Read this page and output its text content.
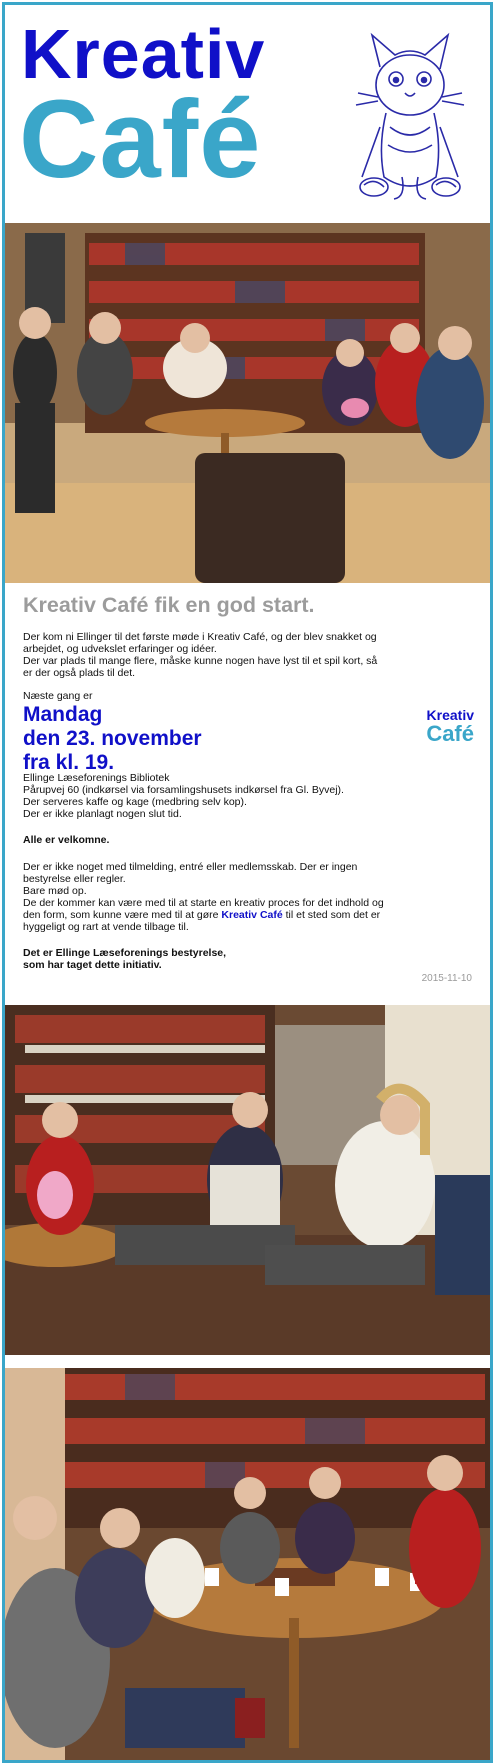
Kreativ
Café
Kreativ Café fik en god start.
Der kom ni Ellinger til det første møde i Kreativ Café, og der blev snakket og
arbejdet, og udvekslet erfaringer og idéer.
Der var plads til mange flere, måske kunne nogen have lyst til et spil kort, så
er der også plads til det.
Næste gang er
Mandag
den 23. november
fra kl. 19.
Kreativ
Café
Ellinge Læseforenings Bibliotek
Pårupvej 60 (indkørsel via forsamlingshusets indkørsel fra Gl. Byvej).
Der serveres kaffe og kage (medbring selv kop).
Der er ikke planlagt nogen slut tid.
Alle er velkomne.
Der er ikke noget med tilmelding, entré eller medlemsskab. Der er ingen
bestyrelse eller regler.
Bare mød op.
De der kommer kan være med til at starte en kreativ proces for det indhold og
den form, som kunne være med til at gøre Kreativ Café til et sted som det er
hyggeligt og rart at vende tilbage til.
Det er Ellinge Læseforenings bestyrelse,
som har taget dette initiativ.
2015-11-10
